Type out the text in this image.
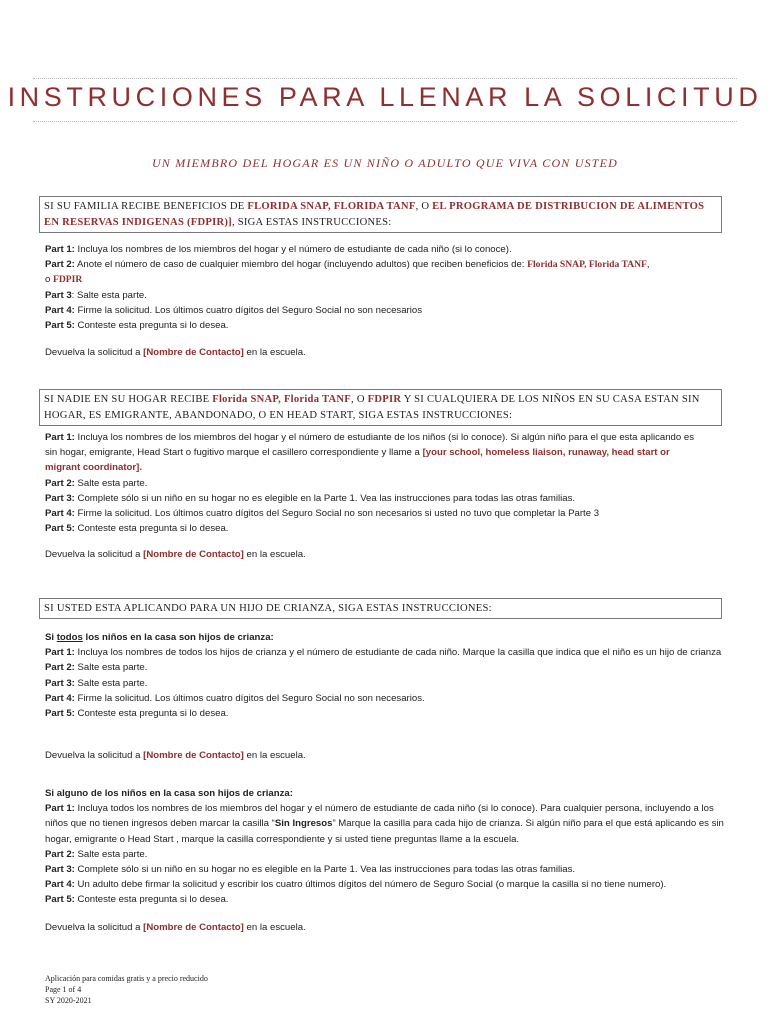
INSTRUCIONES PARA LLENAR LA SOLICITUD
UN MIEMBRO DEL HOGAR ES UN NIÑO O ADULTO QUE VIVA CON USTED
SI SU FAMILIA RECIBE BENEFICIOS DE FLORIDA SNAP, FLORIDA TANF, O EL PROGRAMA DE DISTRIBUCION DE ALIMENTOS EN RESERVAS INDIGENAS (FDPIR)], SIGA ESTAS INSTRUCCIONES:
Part 1: Incluya los nombres de los miembros del hogar y el número de estudiante de cada niño (si lo conoce).
Part 2: Anote el número de caso de cualquier miembro del hogar (incluyendo adultos) que reciben beneficios de: Florida SNAP, Florida TANF,
o FDPIR
Part 3: Salte esta parte.
Part 4: Firme la solicitud. Los últimos cuatro dígitos del Seguro Social no son necesarios
Part 5: Conteste esta pregunta si lo desea.
Devuelva la solicitud a [Nombre de Contacto] en la escuela.
SI NADIE EN SU HOGAR RECIBE Florida SNAP, Florida TANF, O FDPIR Y SI CUALQUIERA DE LOS NIÑOS EN SU CASA ESTAN SIN HOGAR, ES EMIGRANTE, ABANDONADO, O EN HEAD START, SIGA ESTAS INSTRUCCIONES:
Part 1: Incluya los nombres de los miembros del hogar y el número de estudiante de los niños (si lo conoce). Si algún niño para el que esta aplicando es sin hogar, emigrante, Head Start o fugitivo marque el casillero correspondiente y llame a [your school, homeless liaison, runaway, head start or migrant coordinator].
Part 2: Salte esta parte.
Part 3: Complete sólo si un niño en su hogar no es elegible en la Parte 1. Vea las instrucciones para todas las otras familias.
Part 4: Firme la solicitud. Los últimos cuatro dígitos del Seguro Social no son necesarios si usted no tuvo que completar la Parte 3
Part 5: Conteste esta pregunta si lo desea.
Devuelva la solicitud a [Nombre de Contacto] en la escuela.
SI USTED ESTA APLICANDO PARA UN HIJO DE CRIANZA, SIGA ESTAS INSTRUCCIONES:
Si todos los niños en la casa son hijos de crianza:
Part 1: Incluya los nombres de todos los hijos de crianza y el número de estudiante de cada niño. Marque la casilla que indica que el niño es un hijo de crianza
Part 2: Salte esta parte.
Part 3: Salte esta parte.
Part 4: Firme la solicitud. Los últimos cuatro dígitos del Seguro Social no son necesarios.
Part 5: Conteste esta pregunta si lo desea.
Devuelva la solicitud a [Nombre de Contacto] en la escuela.
Si alguno de los niños en la casa son hijos de crianza:
Part 1: Incluya todos los nombres de los miembros del hogar y el número de estudiante de cada niño (si lo conoce). Para cualquier persona, incluyendo a los niños que no tienen ingresos deben marcar la casilla “Sin Ingresos” Marque la casilla para cada hijo de crianza. Si algún niño para el que está aplicando es sin hogar, emigrante o Head Start , marque la casilla correspondiente y si usted tiene preguntas llame a la escuela.
Part 2: Salte esta parte.
Part 3: Complete sólo si un niño en su hogar no es elegible en la Parte 1. Vea las instrucciones para todas las otras familias.
Part 4: Un adulto debe firmar la solicitud y escribir los cuatro últimos dígitos del número de Seguro Social (o marque la casilla si no tiene numero).
Part 5: Conteste esta pregunta si lo desea.
Devuelva la solicitud a [Nombre de Contacto] en la escuela.
Aplicación para comidas gratis y a precio reducido
Page 1 of 4
SY 2020-2021
